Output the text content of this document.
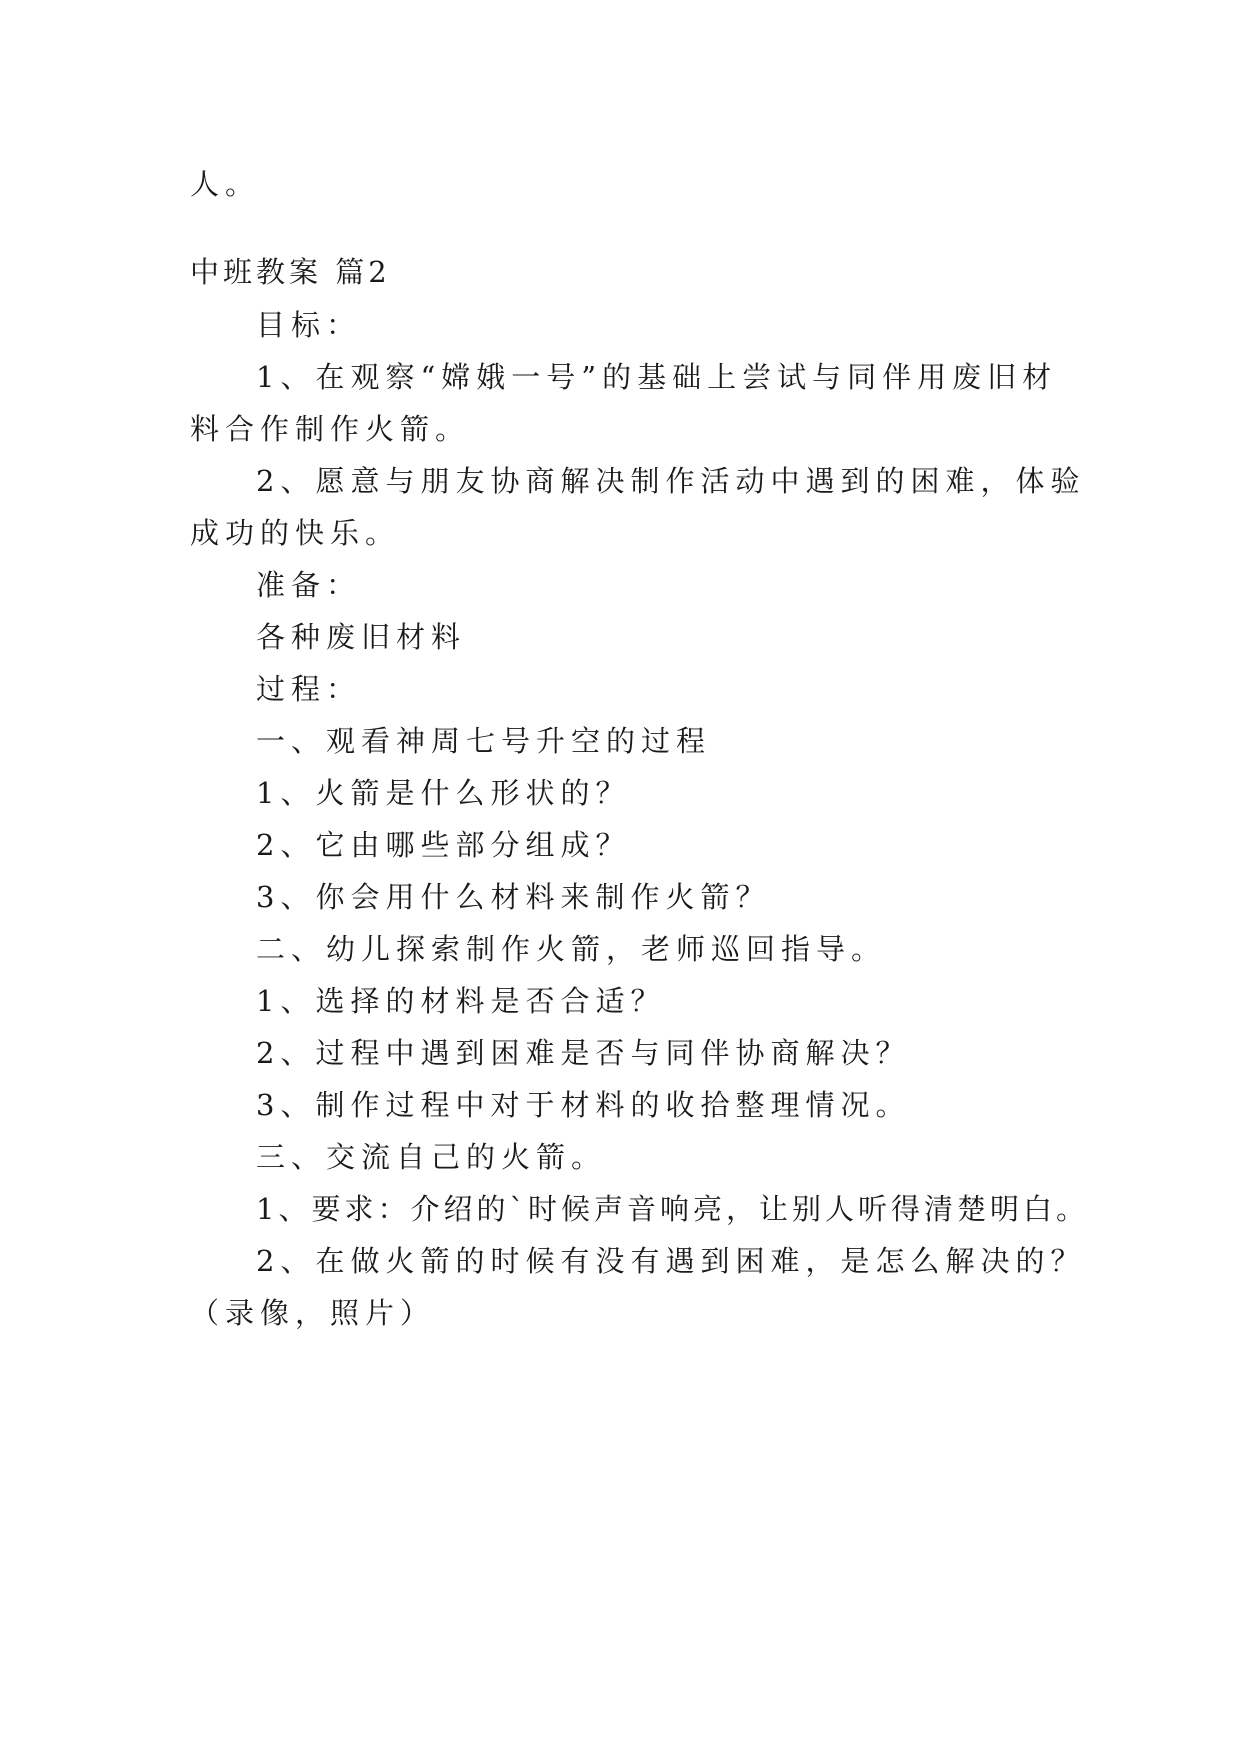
人。
中班教案 篇2
目标：
1、在观察“嫦娥一号”的基础上尝试与同伴用废旧材
料合作制作火箭。
2、愿意与朋友协商解决制作活动中遇到的困难，体验
成功的快乐。
准备：
各种废旧材料
过程：
一、观看神周七号升空的过程
1、火箭是什么形状的？
2、它由哪些部分组成？
3、你会用什么材料来制作火箭？
二、幼儿探索制作火箭，老师巡回指导。
1、选择的材料是否合适？
2、过程中遇到困难是否与同伴协商解决？
3、制作过程中对于材料的收拾整理情况。
三、交流自己的火箭。
1、要求：介绍的`时候声音响亮，让别人听得清楚明白。
2、在做火箭的时候有没有遇到困难，是怎么解决的？
（录像，照片）
